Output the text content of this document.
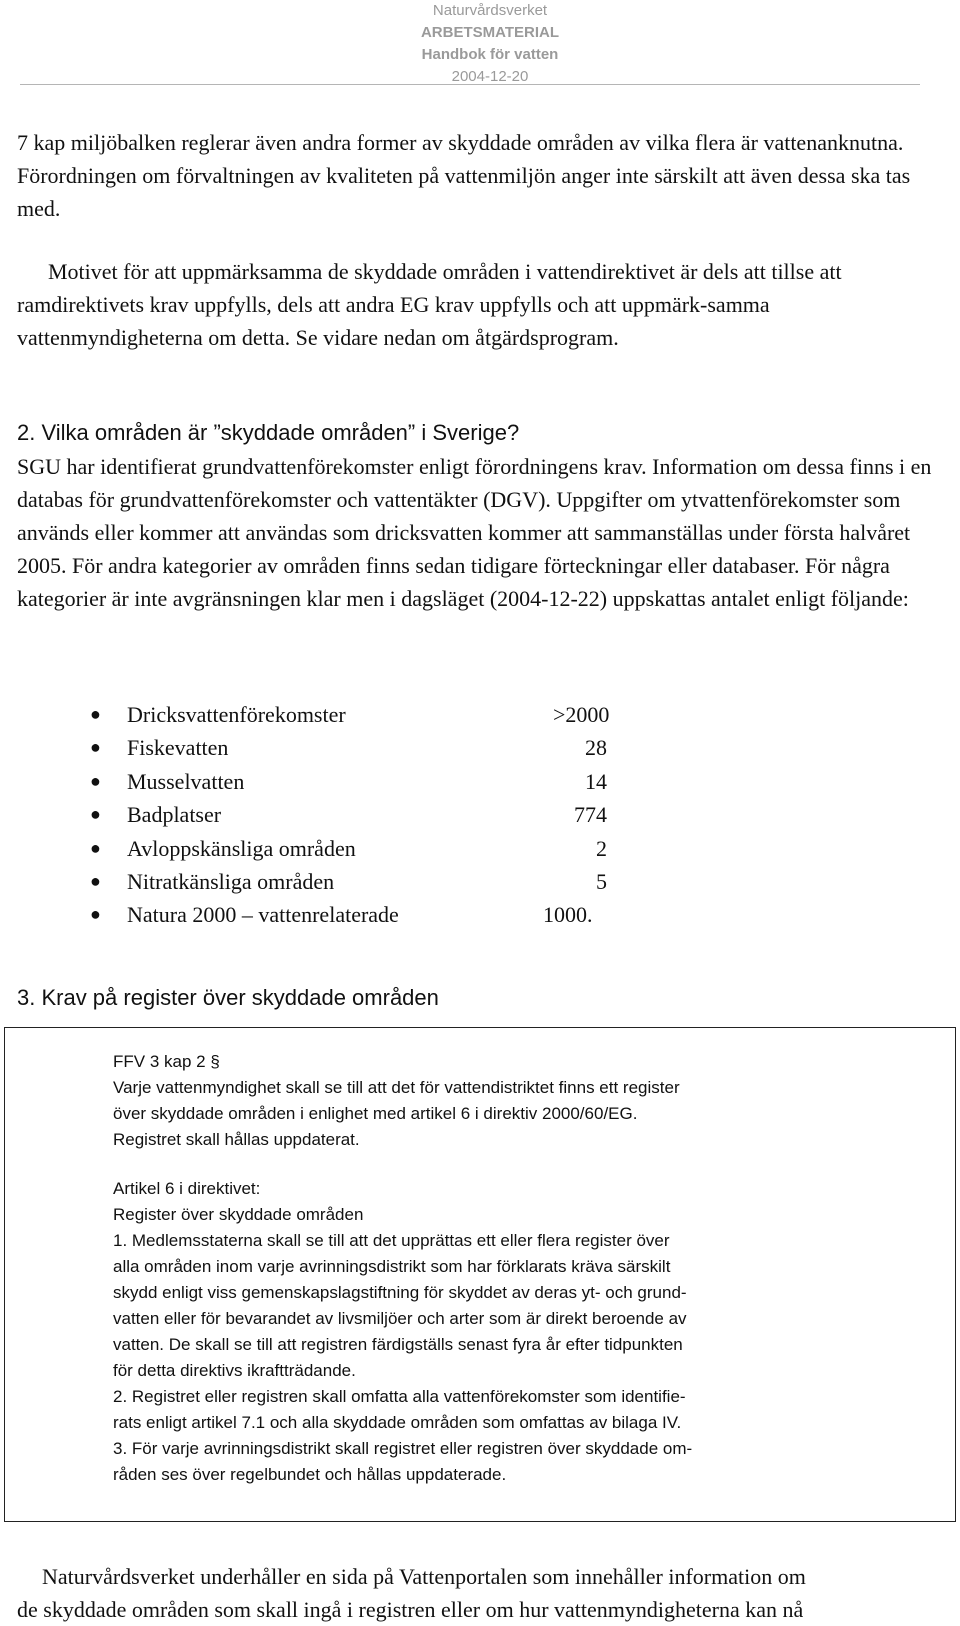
Naturvårdsverket
ARBETSMATERIAL
Handbok för vatten
2004-12-20

7 kap miljöbalken reglerar även andra former av skyddade områden av vilka flera är vattenanknutna. Förordningen om förvaltningen av kvaliteten på vattenmiljön anger inte särskilt att även dessa ska tas med.

Motivet för att uppmärksamma de skyddade områden i vattendirektivet är dels att tillse att ramdirektivets krav uppfylls, dels att andra EG krav uppfylls och att uppmärk-samma vattenmyndigheterna om detta. Se vidare nedan om åtgärdsprogram.

2. Vilka områden är ”skyddade områden” i Sverige?

SGU har identifierat grundvattenförekomster enligt förordningens krav. Information om dessa finns i en databas för grundvattenförekomster och vattentäkter (DGV). Uppgifter om ytvattenförekomster som används eller kommer att användas som dricksvatten kommer att sammanställas under första halvåret 2005. För andra kategorier av områden finns sedan tidigare förteckningar eller databaser. För några kategorier är inte avgränsningen klar men i dagsläget (2004-12-22) uppskattas antalet enligt följande:

● Dricksvattenförekomster	>2000
● Fiskevatten	28
● Musselvatten	14
● Badplatser	774
● Avloppskänsliga områden	2
● Nitratkänsliga områden	5
● Natura 2000 – vattenrelaterade	1000.
3. Krav på register över skyddade områden
FFV 3 kap 2 §
Varje vattenmyndighet skall se till att det för vattendistriktet finns ett register
över skyddade områden i enlighet med artikel 6 i direktiv 2000/60/EG.
Registret skall hållas uppdaterat.
Artikel 6 i direktivet:
Register över skyddade områden
1. Medlemsstaterna skall se till att det upprättas ett eller flera register över
alla områden inom varje avrinningsdistrikt som har förklarats kräva särskilt
skydd enligt viss gemenskapslagstiftning för skyddet av deras yt- och grund-
vatten eller för bevarandet av livsmiljöer och arter som är direkt beroende av
vatten. De skall se till att registren färdigställs senast fyra år efter tidpunkten
för detta direktivs ikraftträdande.
2. Registret eller registren skall omfatta alla vattenförekomster som identifie-
rats enligt artikel 7.1 och alla skyddade områden som omfattas av bilaga IV.
3. För varje avrinningsdistrikt skall registret eller registren över skyddade om-
råden ses över regelbundet och hållas uppdaterade.
Naturvårdsverket underhåller en sida på Vattenportalen som innehåller information om
de skyddade områden som skall ingå i registren eller om hur vattenmyndigheterna kan nå
